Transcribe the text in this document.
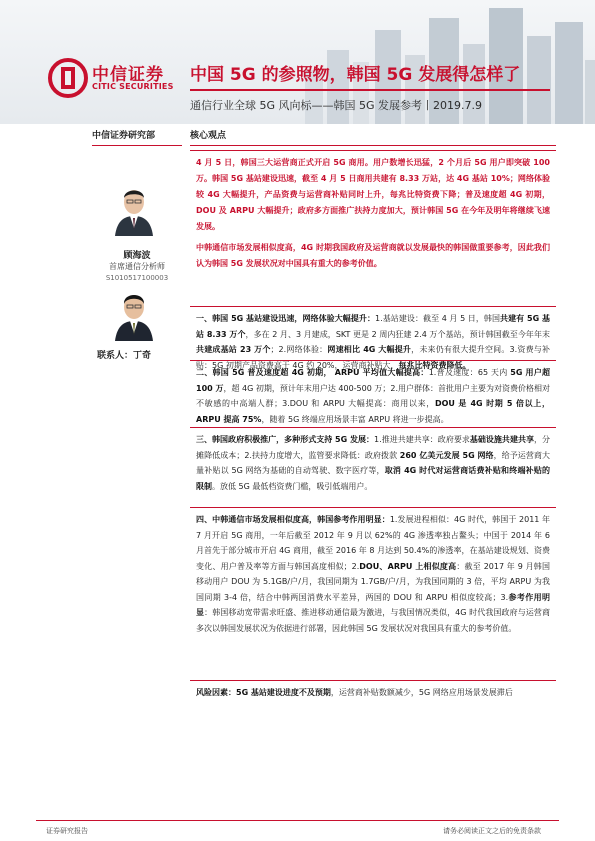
中信证券
CITIC SECURITIES
中国 5G 的参照物，韩国 5G 发展得怎样了
通信行业全球 5G 风向标——韩国 5G 发展参考丨2019.7.9
中信证券研究部
顾海波
首席通信分析师
S1010517100003
联系人：丁奇
核心观点

4 月 5 日，韩国三大运营商正式开启 5G 商用。用户数增长迅猛，2 个月后 5G 用户即突破 100 万。韩国 5G 基站建设迅速，截至 4 月 5 日商用共建有 8.33 万站，达 4G 基站 10%；网络体验较 4G 大幅提升，产品资费与运营商补贴同时上升，每兆比特资费下降；普及速度超 4G 初期，DOU 及 ARPU 大幅提升；政府多方面推广扶持力度加大，预计韩国 5G 在今年及明年将继续飞速发展。

中韩通信市场发展相似度高，4G 时期我国政府及运营商就以发展最快的韩国做重要参考，因此我们认为韩国 5G 发展状况对中国具有重大的参考价值。

一、韩国 5G 基站建设迅速，网络体验大幅提升：1.基站建设：截至 4 月 5 日，韩国共建有 5G 基站 8.33 万个，多在 2 月、3 月建成，SKT 更是 2 周内狂建 2.4 万个基站，预计韩国截至今年年末共建成基站 23 万个；2.网络体验：网速相比 4G 大幅提升，未来仍有很大提升空间。3.资费与补贴：5G 初期产品资费高于 4G 约 20%，运营商补贴大，每兆比特资费降低。
二、韩国 5G 普及速度超 4G 初期， ARPU 平均值大幅提高：1.普及速度：65 天内 5G 用户超 100 万，超 4G 初期，预计年末用户达 400-500 万；2.用户群体：首批用户主要为对资费价格相对不敏感的中高端人群；3.DOU 和 ARPU 大幅提高：商用以来，DOU 是 4G 时期 5 倍以上，ARPU 提高 75%，随着 5G 终端应用场景丰富 ARPU 将进一步提高。
三、韩国政府积极推广，多种形式支持 5G 发展：1.推进共建共享：政府要求基础设施共建共享，分摊降低成本；2.扶持力度增大，监管要求降低：政府拨款 260 亿美元发展 5G 网络，给予运营商大量补贴以 5G 网络为基础的自动驾驶、数字医疗等，取消 4G 时代对运营商话费补贴和终端补贴的限制。放低 5G 最低档资费门槛，吸引低端用户。
四、中韩通信市场发展相似度高，韩国参考作用明显：1.发展进程相似：4G 时代，韩国于 2011 年 7 月开启 5G 商用，一年后截至 2012 年 9 月以 62%的 4G 渗透率独占鳌头；中国于 2014 年 6 月首先于部分城市开启 4G 商用，截至 2016 年 8 月达到 50.4%的渗透率，在基站建设规划、资费变化、用户普及率等方面与韩国高度相似；2.DOU、ARPU 上相似度高：截至 2017 年 9 月韩国移动用户 DOU 为 5.1GB/户/月，我国同期为 1.7GB/户/月，为我国同期的 3 倍，平均 ARPU 为我国同期 3-4 倍，结合中韩两国消费水平差异，两国的 DOU 和 ARPU 相似度较高；3.参考作用明显：韩国移动宽带需求旺盛、推进移动通信最为激进，与我国情况类似，4G 时代我国政府与运营商多次以韩国发展状况为依据进行部署，因此韩国 5G 发展状况对我国具有重大的参考价值。
风险因素：5G 基站建设进度不及预期，运营商补贴数额减少，5G 网络应用场景发展滞后
证券研究报告	请务必阅读正文之后的免责条款
